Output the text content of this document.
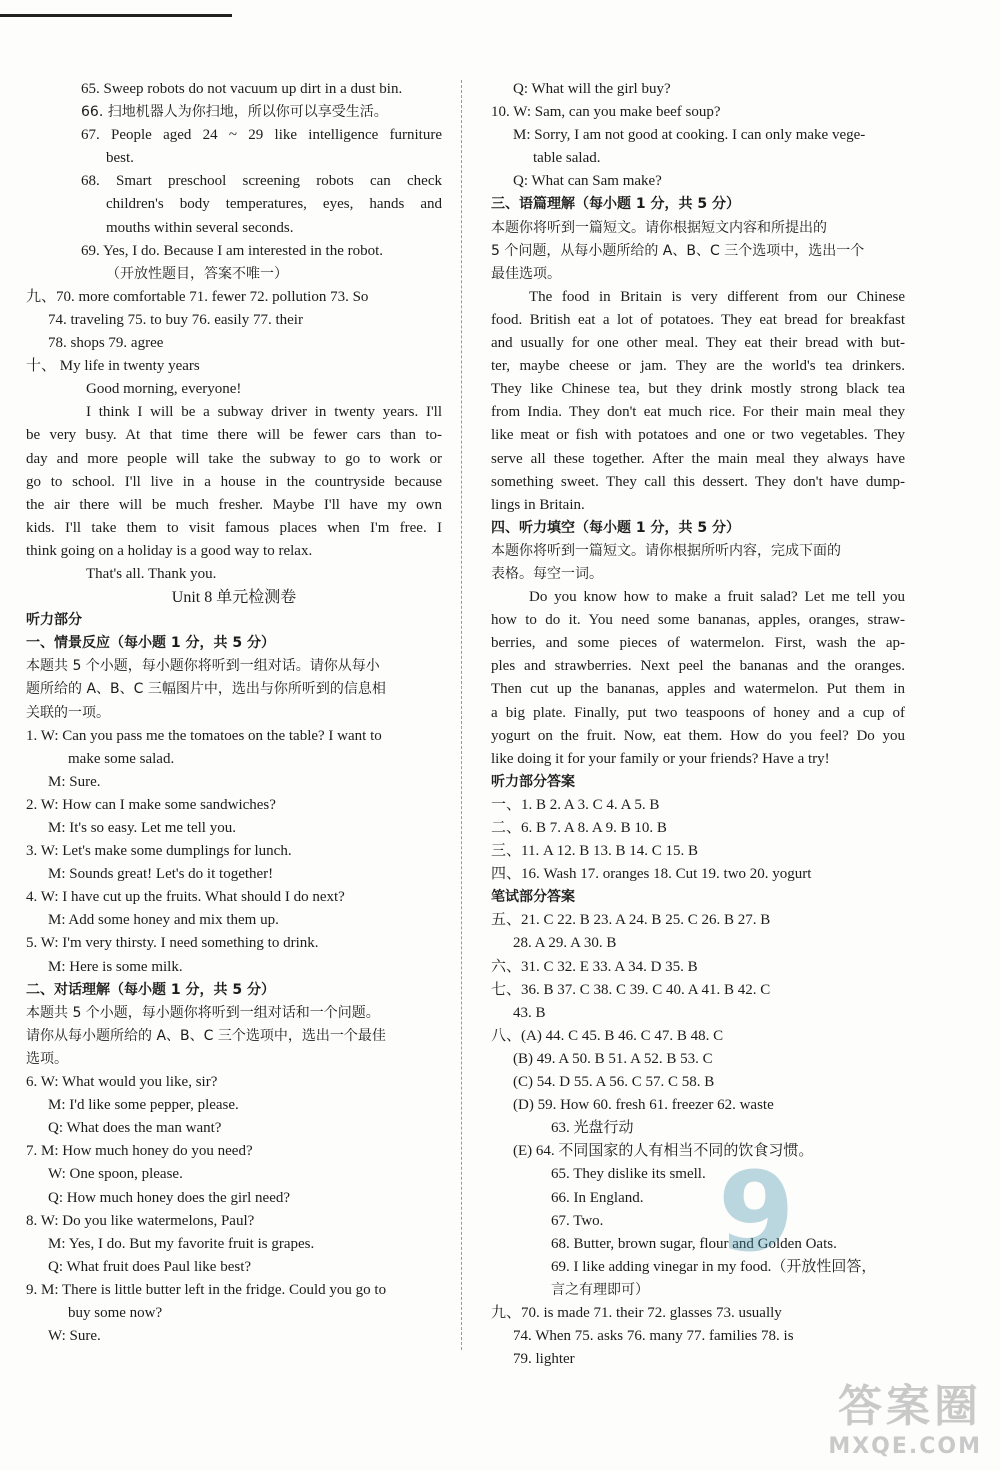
65. Sweep robots do not vacuum up dirt in a dust bin.
66. 扫地机器人为你扫地，所以你可以享受生活。
67. People aged 24 ~ 29 like intelligence furniture
best.
68. Smart preschool screening robots can check
children's body temperatures, eyes, hands and
mouths within several seconds.
69. Yes, I do. Because I am interested in the robot.
（开放性题目，答案不唯一）
九、70. more comfortable 71. fewer 72. pollution 73. So
74. traveling 75. to buy 76. easily 77. their
78. shops 79. agree
十、 My life in twenty years
Good morning, everyone!
I think I will be a subway driver in twenty years. I'll
be very busy. At that time there will be fewer cars than to-
day and more people will take the subway to go to work or
go to school. I'll live in a house in the countryside because
the air there will be much fresher. Maybe I'll have my own
kids. I'll take them to visit famous places when I'm free. I
think going on a holiday is a good way to relax.
That's all. Thank you.
Unit 8 单元检测卷
听力部分
一、情景反应（每小题 1 分，共 5 分）
本题共 5 个小题，每小题你将听到一组对话。请你从每小
题所给的 A、B、C 三幅图片中，选出与你所听到的信息相
关联的一项。
1. W: Can you pass me the tomatoes on the table? I want to
make some salad.
M: Sure.
2. W: How can I make some sandwiches?
M: It's so easy. Let me tell you.
3. W: Let's make some dumplings for lunch.
M: Sounds great! Let's do it together!
4. W: I have cut up the fruits. What should I do next?
M: Add some honey and mix them up.
5. W: I'm very thirsty. I need something to drink.
M: Here is some milk.
二、对话理解（每小题 1 分，共 5 分）
本题共 5 个小题，每小题你将听到一组对话和一个问题。
请你从每小题所给的 A、B、C 三个选项中，选出一个最佳
选项。
6. W: What would you like, sir?
M: I'd like some pepper, please.
Q: What does the man want?
7. M: How much honey do you need?
W: One spoon, please.
Q: How much honey does the girl need?
8. W: Do you like watermelons, Paul?
M: Yes, I do. But my favorite fruit is grapes.
Q: What fruit does Paul like best?
9. M: There is little butter left in the fridge. Could you go to
buy some now?
W: Sure.
Q: What will the girl buy?
10. W: Sam, can you make beef soup?
M: Sorry, I am not good at cooking. I can only make vege-
table salad.
Q: What can Sam make?
三、语篇理解（每小题 1 分，共 5 分）
本题你将听到一篇短文。请你根据短文内容和所提出的
5 个问题，从每小题所给的 A、B、C 三个选项中，选出一个
最佳选项。
The food in Britain is very different from our Chinese
food. British eat a lot of potatoes. They eat bread for breakfast
and usually for one other meal. They eat their bread with but-
ter, maybe cheese or jam. They are the world's tea drinkers.
They like Chinese tea, but they drink mostly strong black tea
from India. They don't eat much rice. For their main meal they
like meat or fish with potatoes and one or two vegetables. They
serve all these together. After the main meal they always have
something sweet. They call this dessert. They don't have dump-
lings in Britain.
四、听力填空（每小题 1 分，共 5 分）
本题你将听到一篇短文。请你根据所听内容，完成下面的
表格。每空一词。
Do you know how to make a fruit salad? Let me tell you
how to do it. You need some bananas, apples, oranges, straw-
berries, and some pieces of watermelon. First, wash the ap-
ples and strawberries. Next peel the bananas and the oranges.
Then cut up the bananas, apples and watermelon. Put them in
a big plate. Finally, put two teaspoons of honey and a cup of
yogurt on the fruit. Now, eat them. How do you feel? Do you
like doing it for your family or your friends? Have a try!
听力部分答案
一、1. B 2. A 3. C 4. A 5. B
二、6. B 7. A 8. A 9. B 10. B
三、11. A 12. B 13. B 14. C 15. B
四、16. Wash 17. oranges 18. Cut 19. two 20. yogurt
笔试部分答案
五、21. C 22. B 23. A 24. B 25. C 26. B 27. B
28. A 29. A 30. B
六、31. C 32. E 33. A 34. D 35. B
七、36. B 37. C 38. C 39. C 40. A 41. B 42. C
43. B
八、(A) 44. C 45. B 46. C 47. B 48. C
(B) 49. A 50. B 51. A 52. B 53. C
(C) 54. D 55. A 56. C 57. C 58. B
(D) 59. How 60. fresh 61. freezer 62. waste
63. 光盘行动
(E) 64. 不同国家的人有相当不同的饮食习惯。
65. They dislike its smell.
66. In England.
67. Two.
68. Butter, brown sugar, flour and Golden Oats.
69. I like adding vinegar in my food.（开放性回答，
言之有理即可）
九、70. is made 71. their 72. glasses 73. usually
74. When 75. asks 76. many 77. families 78. is
79. lighter
9
答案圈
MXQE.COM
